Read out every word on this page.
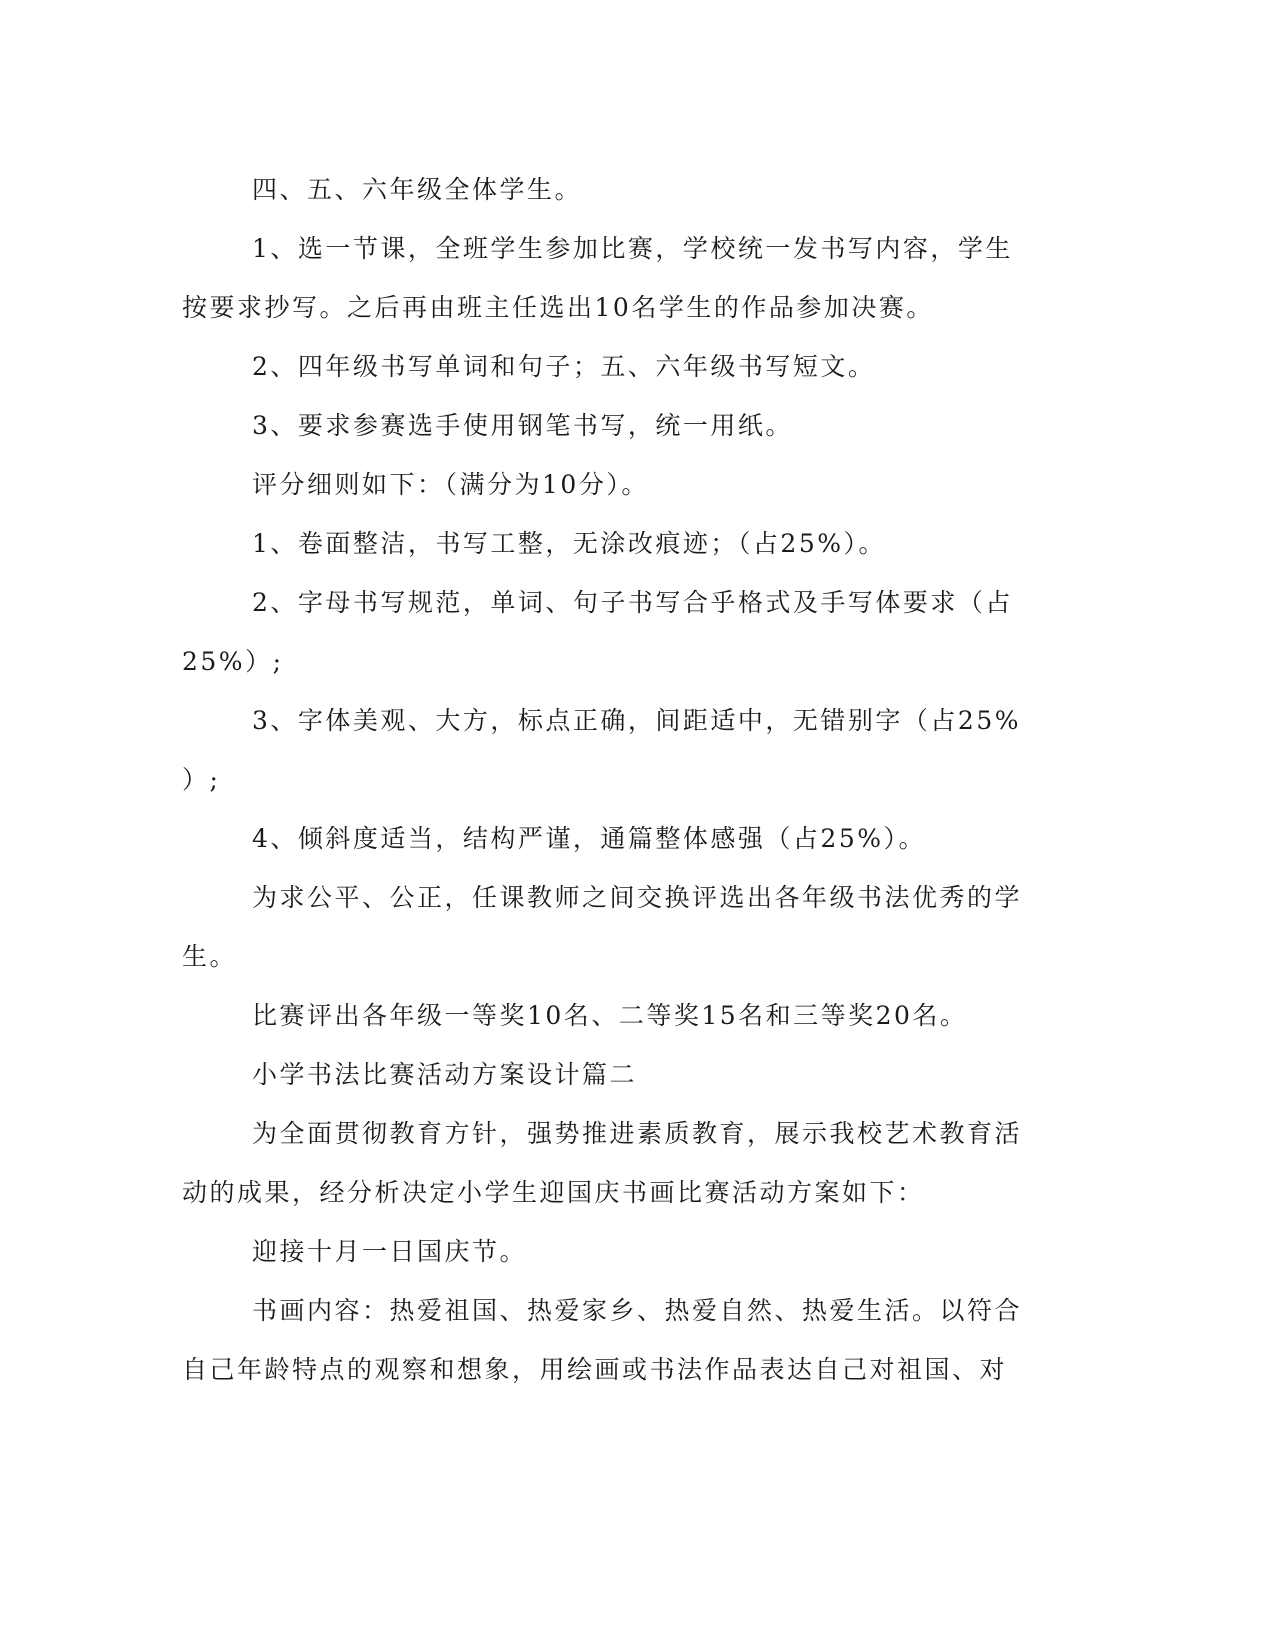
四、五、六年级全体学生。

1、选一节课，全班学生参加比赛，学校统一发书写内容，学生

按要求抄写。之后再由班主任选出10名学生的作品参加决赛。

2、四年级书写单词和句子；五、六年级书写短文。

3、要求参赛选手使用钢笔书写，统一用纸。

评分细则如下：（满分为10分）。

1、卷面整洁，书写工整，无涂改痕迹；（占25%）。

2、字母书写规范，单词、句子书写合乎格式及手写体要求（占

25%）;

3、字体美观、大方，标点正确，间距适中，无错别字（占25%

）;

4、倾斜度适当，结构严谨，通篇整体感强（占25%）。

为求公平、公正，任课教师之间交换评选出各年级书法优秀的学

生。

比赛评出各年级一等奖10名、二等奖15名和三等奖20名。

小学书法比赛活动方案设计篇二

为全面贯彻教育方针，强势推进素质教育，展示我校艺术教育活

动的成果，经分析决定小学生迎国庆书画比赛活动方案如下：

迎接十月一日国庆节。

书画内容：热爱祖国、热爱家乡、热爱自然、热爱生活。以符合

自己年龄特点的观察和想象，用绘画或书法作品表达自己对祖国、对
